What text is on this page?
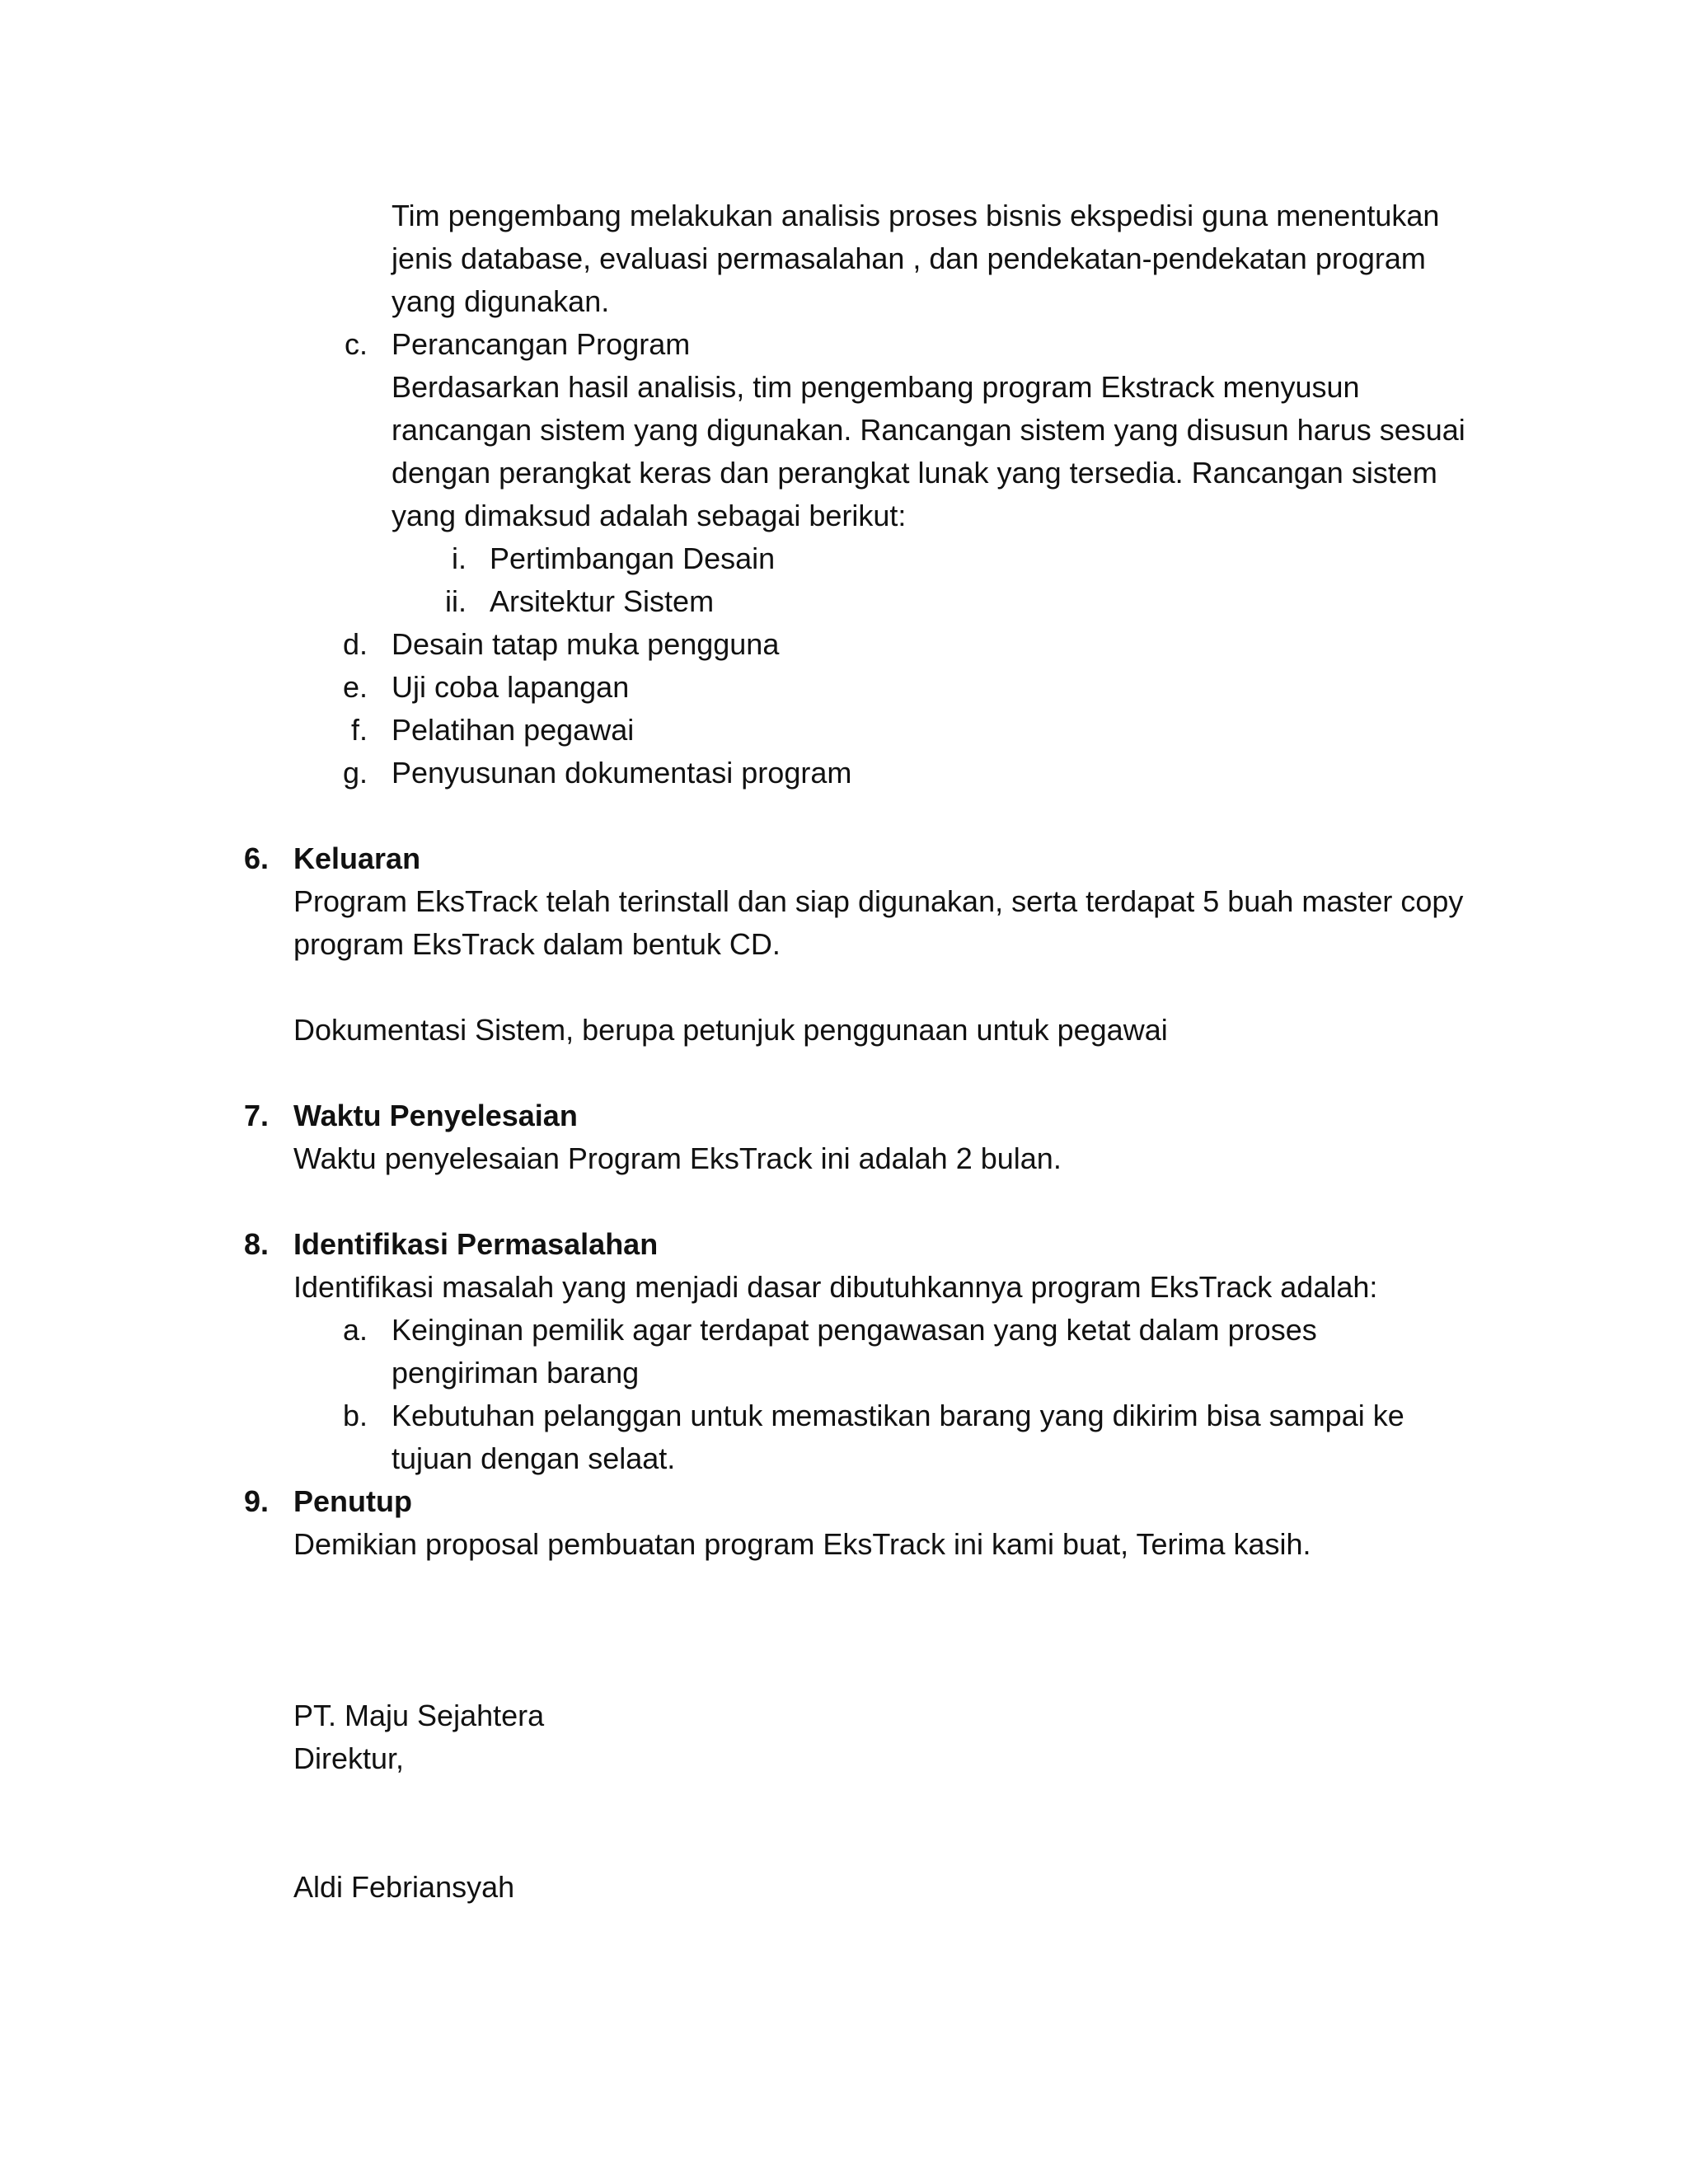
Tim pengembang melakukan analisis proses bisnis ekspedisi guna menentukan
jenis database, evaluasi permasalahan , dan pendekatan-pendekatan program
yang digunakan.
c. Perancangan Program
Berdasarkan hasil analisis, tim pengembang program Ekstrack menyusun
rancangan sistem yang digunakan. Rancangan sistem yang disusun harus sesuai
dengan perangkat keras dan perangkat lunak yang tersedia. Rancangan sistem
yang dimaksud adalah sebagai berikut:
i. Pertimbangan Desain
ii. Arsitektur Sistem
d. Desain tatap muka pengguna
e. Uji coba lapangan
f. Pelatihan pegawai
g. Penyusunan dokumentasi program
6. Keluaran
Program EksTrack telah terinstall dan siap digunakan, serta terdapat 5 buah master copy
program EksTrack dalam bentuk CD.
Dokumentasi Sistem, berupa petunjuk penggunaan untuk pegawai
7. Waktu Penyelesaian
Waktu penyelesaian Program EksTrack ini adalah 2 bulan.
8. Identifikasi Permasalahan
Identifikasi masalah yang menjadi dasar dibutuhkannya program EksTrack adalah:
a. Keinginan pemilik agar terdapat pengawasan yang ketat dalam proses
pengiriman barang
b. Kebutuhan pelanggan untuk memastikan barang yang dikirim bisa sampai ke
tujuan dengan selaat.
9. Penutup
Demikian proposal pembuatan program EksTrack ini kami buat, Terima kasih.
PT. Maju Sejahtera
Direktur,
Aldi Febriansyah
